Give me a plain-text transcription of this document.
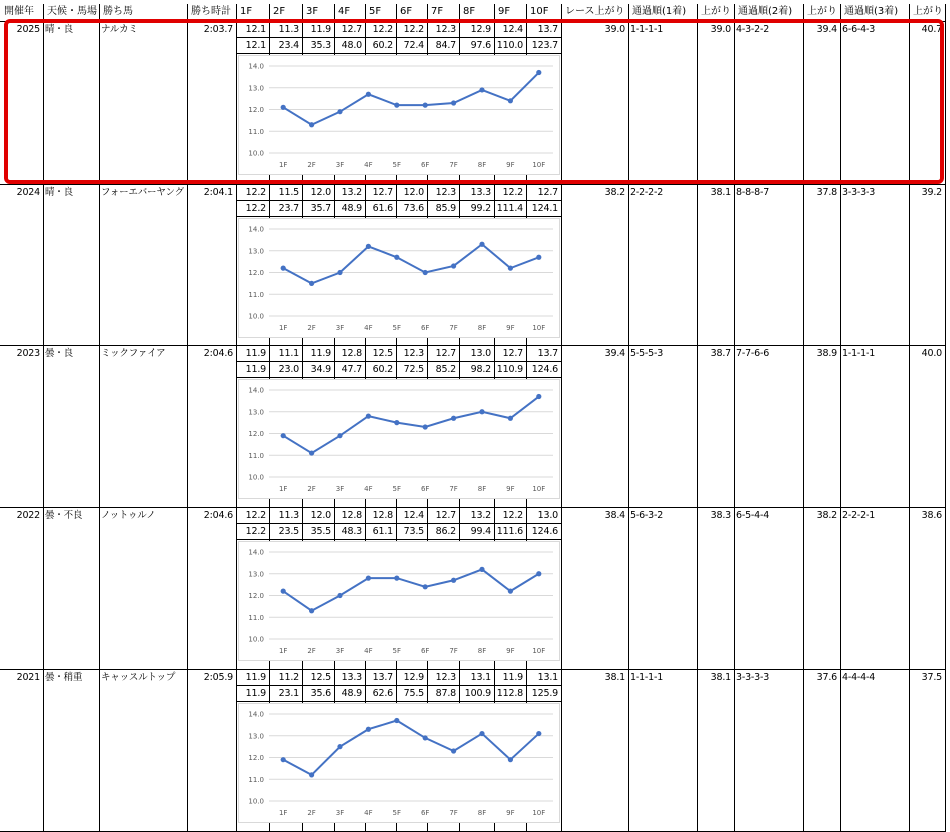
開催年	天候・馬場 勝ち馬	勝ち時計 1F	2F	3F	4F	5F	6F	7F	8F	9F	10F	レース上がり 通過順(1着)	上がり 通過順(2着)	上がり 通過順(3着)	上がり
2025 晴・良	ナルカミ	2:03.7	12.1	11.3	11.9	12.7	12.2	12.2	12.3	12.9	12.4	13.7
12.1	23.4	35.3	48.0	60.2	72.4	84.7	97.6 110.0 123.7
39.0 1-1-1-1	39.0 4-3-2-2	39.4 6-6-4-3	40.7
14.0
13.0
12.0
11.0
10.0
1F	2F	3F	4F	5F	6F	7F	8F	9F	10F
2024 晴・良	フォーエバーヤング	2:04.1	12.2	11.5	12.0	13.2	12.7	12.0	12.3	13.3	12.2	12.7
12.2	23.7	35.7	48.9	61.6	73.6	85.9	99.2 111.4 124.1
38.2 2-2-2-2	38.1 8-8-8-7	37.8 3-3-3-3	39.2
14.0
13.0
12.0
11.0
10.0
1F	2F	3F	4F	5F	6F	7F	8F	9F	10F
2023 曇・良	ミックファイア	2:04.6	11.9	11.1	11.9	12.8	12.5	12.3	12.7	13.0	12.7	13.7
11.9	23.0	34.9	47.7	60.2	72.5	85.2	98.2 110.9 124.6
39.4 5-5-5-3	38.7 7-7-6-6	38.9 1-1-1-1	40.0
14.0
13.0
12.0
11.0
10.0
1F	2F	3F	4F	5F	6F	7F	8F	9F	10F
2022 曇・不良	ノットゥルノ	2:04.6	12.2	11.3	12.0	12.8	12.8	12.4	12.7	13.2	12.2	13.0
12.2	23.5	35.5	48.3	61.1	73.5	86.2	99.4 111.6 124.6
38.4 5-6-3-2	38.3 6-5-4-4	38.2 2-2-2-1	38.6
14.0
13.0
12.0
11.0
10.0
1F	2F	3F	4F	5F	6F	7F	8F	9F	10F
2021 曇・稍重	キャッスルトップ	2:05.9	11.9	11.2	12.5	13.3	13.7	12.9	12.3	13.1	11.9	13.1
11.9	23.1	35.6	48.9	62.6	75.5	87.8 100.9 112.8 125.9
38.1 1-1-1-1	38.1 3-3-3-3	37.6 4-4-4-4	37.5
14.0
13.0
12.0
11.0
10.0
1F	2F	3F	4F	5F	6F	7F	8F	9F	10F
